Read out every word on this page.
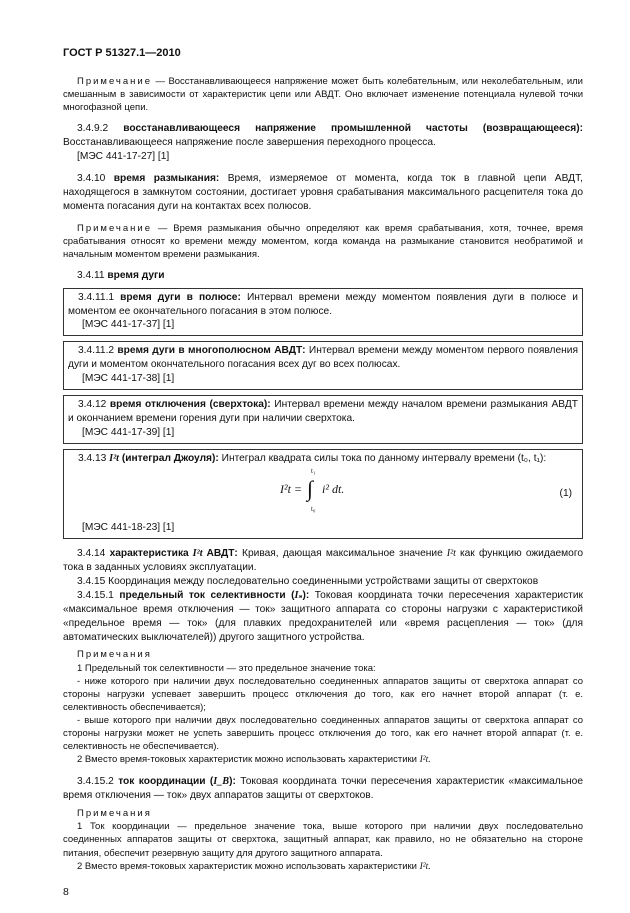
ГОСТ Р 51327.1—2010

Примечание — Восстанавливающееся напряжение может быть колебательным, или неколебательным, или смешанным в зависимости от характеристик цепи или АВДТ. Оно включает изменение потенциала нулевой точки многофазной цепи.

3.4.9.2 восстанавливающееся напряжение промышленной частоты (возвращающееся): Восстанавливающееся напряжение после завершения переходного процесса.

[МЭС 441-17-27] [1]

3.4.10 время размыкания: Время, измеряемое от момента, когда ток в главной цепи АВДТ, находящегося в замкнутом состоянии, достигает уровня срабатывания максимального расцепителя тока до момента погасания дуги на контактах всех полюсов.

Примечание — Время размыкания обычно определяют как время срабатывания, хотя, точнее, время срабатывания относят ко времени между моментом, когда команда на размыкание становится необратимой и начальным моментом времени размыкания.

3.4.11 время дуги

3.4.11.1 время дуги в полюсе: Интервал времени между моментом появления дуги в полюсе и моментом ее окончательного погасания в этом полюсе.

[МЭС 441-17-37] [1]

3.4.11.2 время дуги в многополюсном АВДТ: Интервал времени между моментом первого появления дуги и моментом окончательного погасания всех дуг во всех полюсах.

[МЭС 441-17-38] [1]

3.4.12 время отключения (сверхтока): Интервал времени между началом времени размыкания АВДТ и окончанием времени горения дуги при наличии сверхтока.

[МЭС 441-17-39] [1]

3.4.13 I²t (интеграл Джоуля): Интеграл квадрата силы тока по данному интервалу времени (t₀, t₁):

I²t = ∫
t₁
t₀
i² dt.	(1)

[МЭС 441-18-23] [1]

3.4.14 характеристика I²t АВДТ: Кривая, дающая максимальное значение I²t как функцию ожидаемого тока в заданных условиях эксплуатации.

3.4.15 Координация между последовательно соединенными устройствами защиты от сверхтоков

3.4.15.1 предельный ток селективности (Iₛ): Токовая координата точки пересечения характеристик «максимальное время отключения — ток» защитного аппарата со стороны нагрузки с характеристикой «предельное время — ток» (для плавких предохранителей или «время расцепления — ток» (для автоматических выключателей)) другого защитного устройства.

Примечания

1 Предельный ток селективности — это предельное значение тока:

- ниже которого при наличии двух последовательно соединенных аппаратов защиты от сверхтока аппарат со стороны нагрузки успевает завершить процесс отключения до того, как его начнет второй аппарат (т. е. селективность обеспечивается);

- выше которого при наличии двух последовательно соединенных аппаратов защиты от сверхтока аппарат со стороны нагрузки может не успеть завершить процесс отключения до того, как его начнет второй аппарат (т. е. селективность не обеспечивается).

2 Вместо время-токовых характеристик можно использовать характеристики I²t.

3.4.15.2 ток координации (I_B): Токовая координата точки пересечения характеристик «максимальное время отключения — ток» двух аппаратов защиты от сверхтоков.

Примечания

1 Ток координации — предельное значение тока, выше которого при наличии двух последовательно соединенных аппаратов защиты от сверхтока, защитный аппарат, как правило, но не обязательно на стороне питания, обеспечит резервную защиту для другого защитного аппарата.

2 Вместо время-токовых характеристик можно использовать характеристики I²t.

8
